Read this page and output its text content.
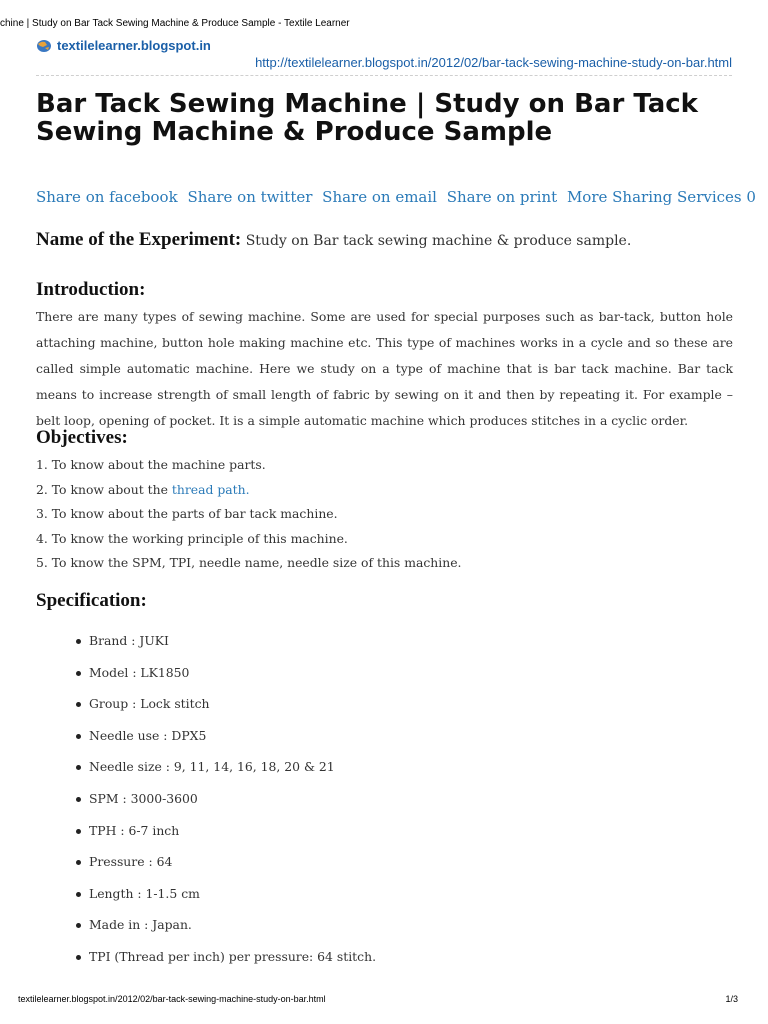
chine | Study on Bar Tack Sewing Machine & Produce Sample - Textile Learner
textilelearner.blogspot.in
http://textilelearner.blogspot.in/2012/02/bar-tack-sewing-machine-study-on-bar.html
Bar Tack Sewing Machine | Study on Bar Tack Sewing Machine & Produce Sample
Share on facebook Share on twitter Share on email Share on print More Sharing Services 0
Name of the Experiment: Study on Bar tack sewing machine & produce sample.
Introduction:
There are many types of sewing machine. Some are used for special purposes such as bar-tack, button hole attaching machine, button hole making machine etc. This type of machines works in a cycle and so these are called simple automatic machine. Here we study on a type of machine that is bar tack machine. Bar tack means to increase strength of small length of fabric by sewing on it and then by repeating it. For example – belt loop, opening of pocket. It is a simple automatic machine which produces stitches in a cyclic order.
Objectives:
1. To know about the machine parts.
2. To know about the thread path.
3. To know about the parts of bar tack machine.
4. To know the working principle of this machine.
5. To know the SPM, TPI, needle name, needle size of this machine.
Specification:
Brand : JUKI
Model : LK1850
Group : Lock stitch
Needle use : DPX5
Needle size : 9, 11, 14, 16, 18, 20 & 21
SPM : 3000-3600
TPH : 6-7 inch
Pressure : 64
Length : 1-1.5 cm
Made in : Japan.
TPI (Thread per inch) per pressure: 64 stitch.
textilelearner.blogspot.in/2012/02/bar-tack-sewing-machine-study-on-bar.html	1/3
